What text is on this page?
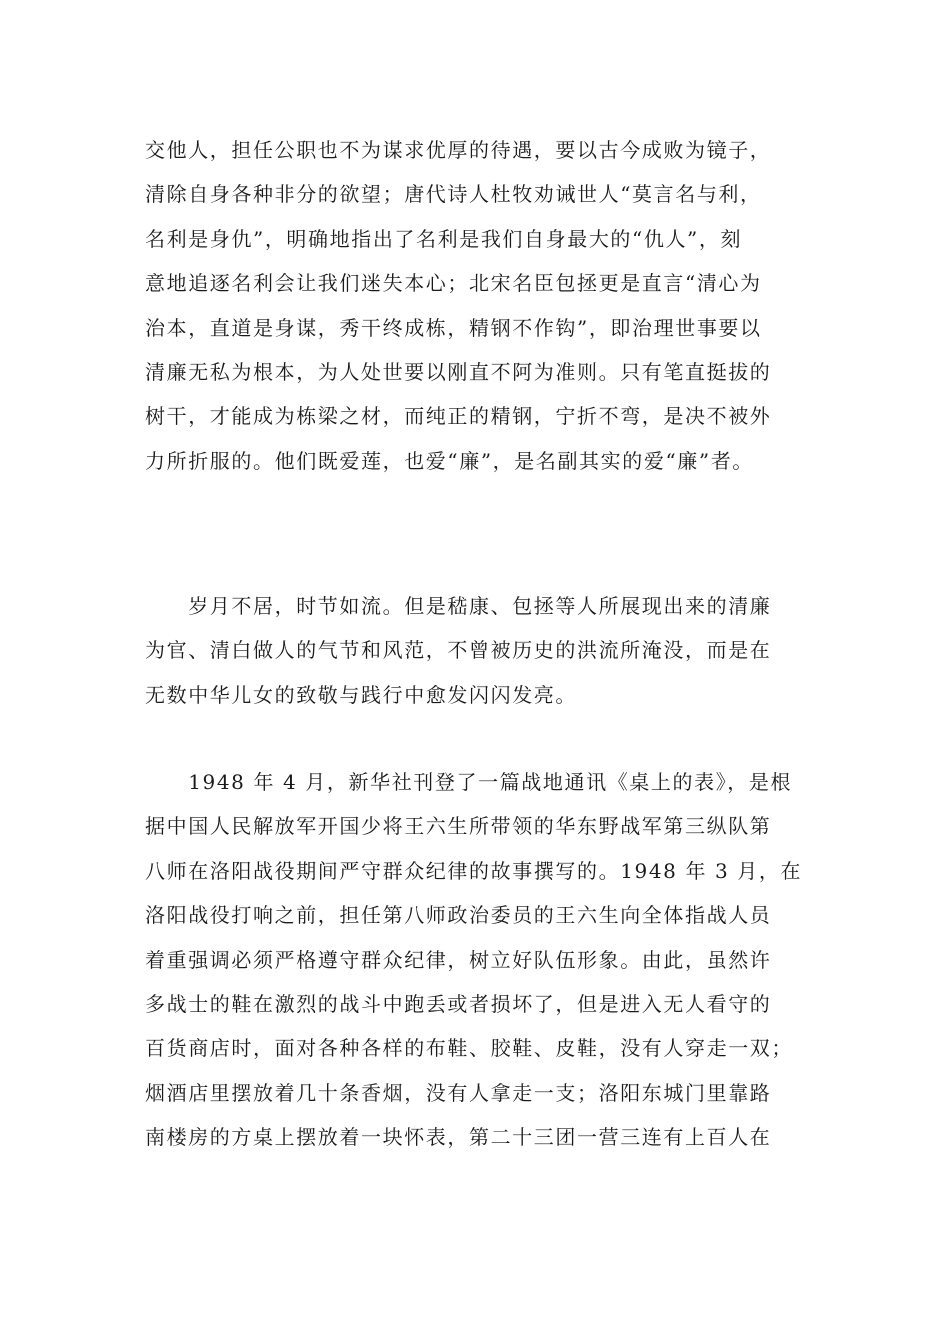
交他人，担任公职也不为谋求优厚的待遇，要以古今成败为镜子，
清除自身各种非分的欲望；唐代诗人杜牧劝诫世人“莫言名与利，
名利是身仇”，明确地指出了名利是我们自身最大的“仇人”，刻
意地追逐名利会让我们迷失本心；北宋名臣包拯更是直言“清心为
治本，直道是身谋，秀干终成栋，精钢不作钩”，即治理世事要以
清廉无私为根本，为人处世要以刚直不阿为准则。只有笔直挺拔的
树干，才能成为栋梁之材，而纯正的精钢，宁折不弯，是决不被外
力所折服的。他们既爱莲，也爱“廉”，是名副其实的爱“廉”者。
　　岁月不居，时节如流。但是嵇康、包拯等人所展现出来的清廉
为官、清白做人的气节和风范，不曾被历史的洪流所淹没，而是在
无数中华儿女的致敬与践行中愈发闪闪发亮。
　　1948 年 4 月，新华社刊登了一篇战地通讯《桌上的表》，是根
据中国人民解放军开国少将王六生所带领的华东野战军第三纵队第
八师在洛阳战役期间严守群众纪律的故事撰写的。1948 年 3 月，在
洛阳战役打响之前，担任第八师政治委员的王六生向全体指战人员
着重强调必须严格遵守群众纪律，树立好队伍形象。由此，虽然许
多战士的鞋在激烈的战斗中跑丢或者损坏了，但是进入无人看守的
百货商店时，面对各种各样的布鞋、胶鞋、皮鞋，没有人穿走一双；
烟酒店里摆放着几十条香烟，没有人拿走一支；洛阳东城门里靠路
南楼房的方桌上摆放着一块怀表，第二十三团一营三连有上百人在
